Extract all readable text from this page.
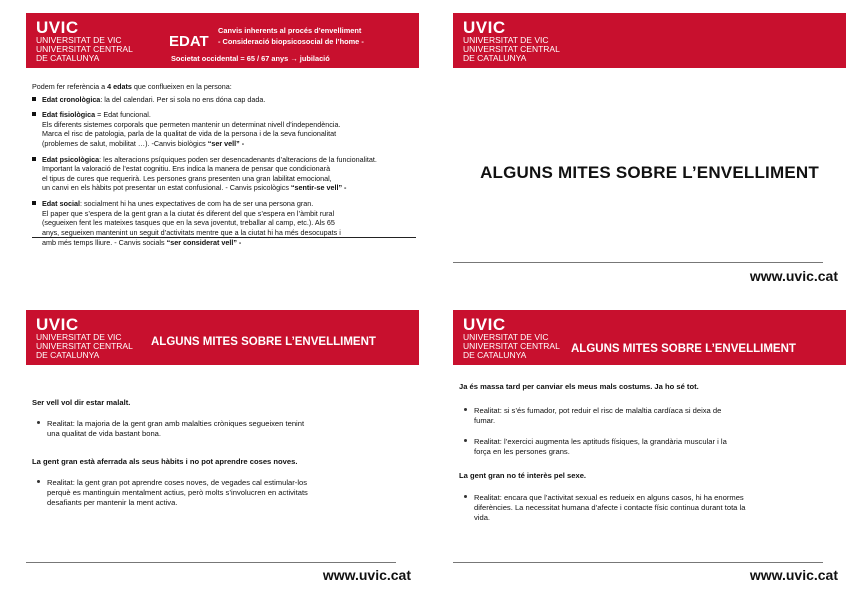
UVIC
UNIVERSITAT DE VIC
UNIVERSITAT CENTRAL
DE CATALUNYA
EDAT
Canvis inherents al procés d’envelliment
- Consideració biopsicosocial de l’home -
Societat occidental = 65 / 67 anys → jubilació
Podem fer referència a 4 edats que conflueixen en la persona:
Edat cronològica: la del calendari. Per si sola no ens dóna cap dada.
Edat fisiològica = Edat funcional.
Els diferents sistemes corporals que permeten mantenir un determinat nivell d’independència.
Marca el risc de patologia, parla de la qualitat de vida de la persona i de la seva funcionalitat
(problemes de salut, mobilitat …). -Canvis biològics “ser vell” -
Edat psicològica: les alteracions psíquiques poden ser desencadenants d’alteracions de la funcionalitat.
Important la valoració de l’estat cognitiu. Ens indica la manera de pensar que condicionarà
el tipus de cures que requerirà. Les persones grans presenten una gran labilitat emocional,
un canvi en els hàbits pot presentar un estat confusional. - Canvis psicològics “sentir-se vell” -
Edat social: socialment hi ha unes expectatives de com ha de ser una persona gran.
El paper que s’espera de la gent gran a la ciutat és diferent del que s’espera en l’àmbit rural
(segueixen fent les mateixes tasques que en la seva joventut, treballar al camp, etc.). Als 65
anys, segueixen mantenint un seguit d’activitats mentre que a la ciutat hi ha més desocupats i
amb més temps lliure. - Canvis socials “ser considerat vell” -
UVIC
UNIVERSITAT DE VIC
UNIVERSITAT CENTRAL
DE CATALUNYA
ALGUNS MITES SOBRE L’ENVELLIMENT
www.uvic.cat
UVIC
UNIVERSITAT DE VIC
UNIVERSITAT CENTRAL
DE CATALUNYA
ALGUNS MITES SOBRE L’ENVELLIMENT
Ser vell vol dir estar malalt.
Realitat: la majoria de la gent gran amb malalties cròniques segueixen tenint
una qualitat de vida bastant bona.
La gent gran està aferrada als seus hàbits i no pot aprendre coses noves.
Realitat: la gent gran pot aprendre coses noves, de vegades cal estimular-los
perquè es mantinguin mentalment actius, però molts s’involucren en activitats
desafiants per mantenir la ment activa.
www.uvic.cat
UVIC
UNIVERSITAT DE VIC
UNIVERSITAT CENTRAL
DE CATALUNYA	ALGUNS MITES SOBRE L’ENVELLIMENT
Ja és massa tard per canviar els meus mals costums. Ja ho sé tot.
Realitat: si s’és fumador, pot reduir el risc de malaltia cardíaca si deixa de
fumar.
Realitat: l’exercici augmenta les aptituds físiques, la grandària muscular i la
força en les persones grans.
La gent gran no té interès pel sexe.
Realitat: encara que l’activitat sexual es redueix en alguns casos, hi ha enormes
diferències. La necessitat humana d’afecte i contacte físic continua durant tota la
vida.
www.uvic.cat
